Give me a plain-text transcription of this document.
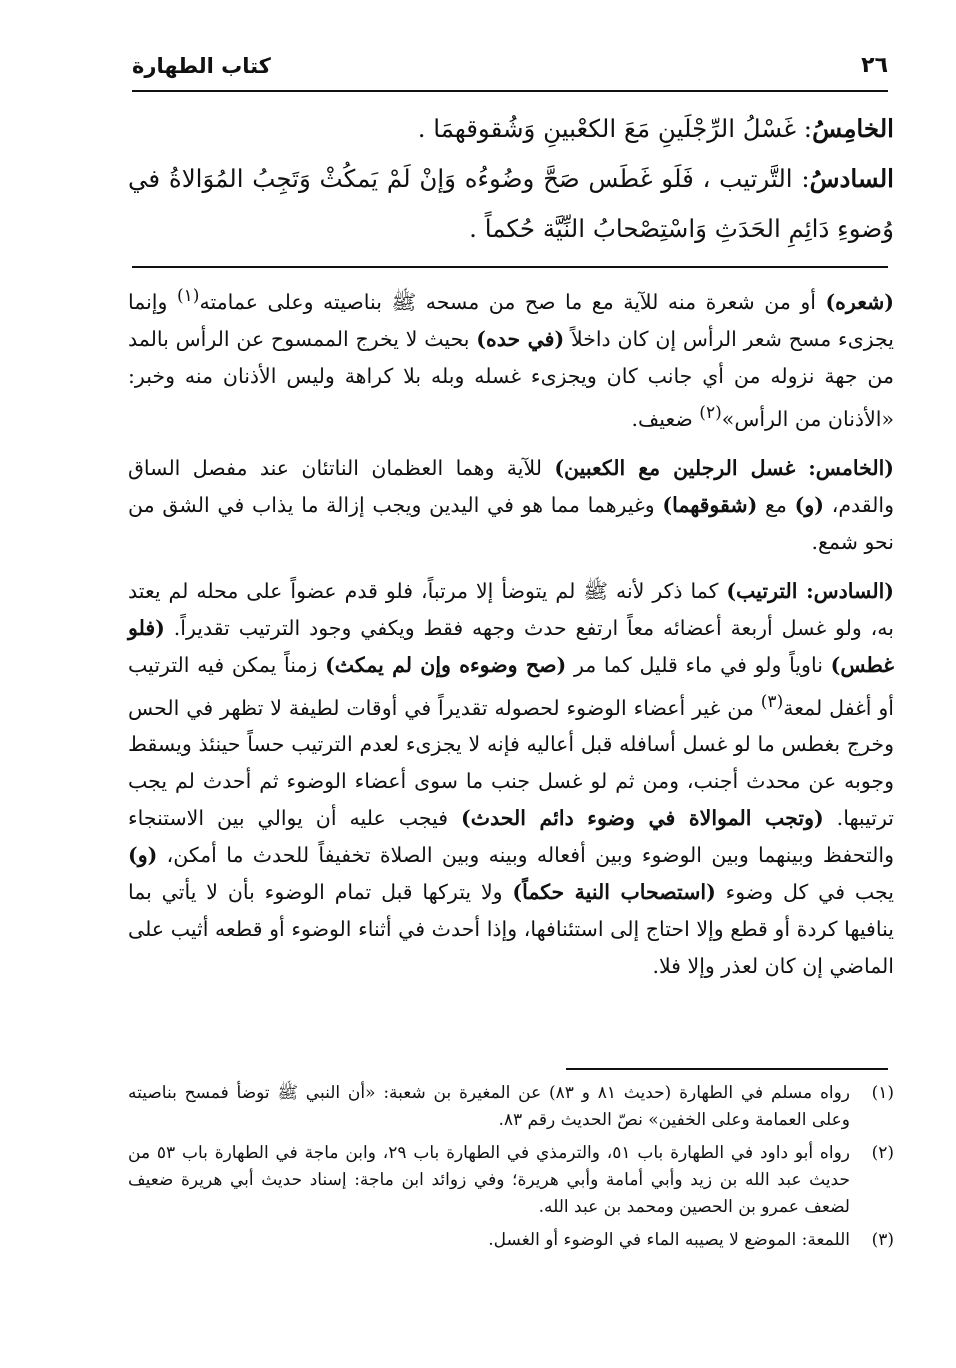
٢٦
كتاب الطهارة

الخامِسُ: غَسْلُ الرِّجْلَينِ مَعَ الكعْبينِ وَشُقوقهمَا .

السادسُ: التَّرتيب ، فَلَو غَطَس صَحَّ وضُوءُه وَإنْ لَمْ يَمكُثْ وَتَجِبُ المُوَالاةُ في وُضوءِ دَائِمِ الحَدَثِ وَاسْتِصْحابُ النِّيَّة حُكماً .

(شعره) أو من شعرة منه للآية مع ما صح من مسحه ﷺ بناصيته وعلى عمامته$^{(١)}$ وإنما يجزىء مسح شعر الرأس إن كان داخلاً (في حده) بحيث لا يخرج الممسوح عن الرأس بالمد من جهة نزوله من أي جانب كان ويجزىء غسله وبله بلا كراهة وليس الأذنان منه وخبر: «الأذنان من الرأس»$^{(٢)}$ ضعيف.

(الخامس: غسل الرجلين مع الكعبين) للآية وهما العظمان الناتئان عند مفصل الساق والقدم، (و) مع (شقوقهما) وغيرهما مما هو في اليدين ويجب إزالة ما يذاب في الشق من نحو شمع.

(السادس: الترتيب) كما ذكر لأنه ﷺ لم يتوضأ إلا مرتباً، فلو قدم عضواً على محله لم يعتد به، ولو غسل أربعة أعضائه معاً ارتفع حدث وجهه فقط ويكفي وجود الترتيب تقديراً. (فلو غطس) ناوياً ولو في ماء قليل كما مر (صح وضوءه وإن لم يمكث) زمناً يمكن فيه الترتيب أو أغفل لمعة$^{(٣)}$ من غير أعضاء الوضوء لحصوله تقديراً في أوقات لطيفة لا تظهر في الحس وخرج بغطس ما لو غسل أسافله قبل أعاليه فإنه لا يجزىء لعدم الترتيب حساً حينئذ ويسقط وجوبه عن محدث أجنب، ومن ثم لو غسل جنب ما سوى أعضاء الوضوء ثم أحدث لم يجب ترتيبها. (وتجب الموالاة في وضوء دائم الحدث) فيجب عليه أن يوالي بين الاستنجاء والتحفظ وبينهما وبين الوضوء وبين أفعاله وبينه وبين الصلاة تخفيفاً للحدث ما أمكن، (و) يجب في كل وضوء (استصحاب النية حكماً) ولا يتركها قبل تمام الوضوء بأن لا يأتي بما ينافيها كردة أو قطع وإلا احتاج إلى استئنافها، وإذا أحدث في أثناء الوضوء أو قطعه أثيب على الماضي إن كان لعذر وإلا فلا.

(١)
رواه مسلم في الطهارة (حديث ٨١ و ٨٣) عن المغيرة بن شعبة: «أن النبي ﷺ توضأ فمسح بناصيته وعلى العمامة وعلى الخفين» نصّ الحديث رقم ٨٣.
(٢)
رواه أبو داود في الطهارة باب ٥١، والترمذي في الطهارة باب ٢٩، وابن ماجة في الطهارة باب ٥٣ من حديث عبد الله بن زيد وأبي أمامة وأبي هريرة؛ وفي زوائد ابن ماجة: إسناد حديث أبي هريرة ضعيف لضعف عمرو بن الحصين ومحمد بن عبد الله.
(٣)
اللمعة: الموضع لا يصيبه الماء في الوضوء أو الغسل.
